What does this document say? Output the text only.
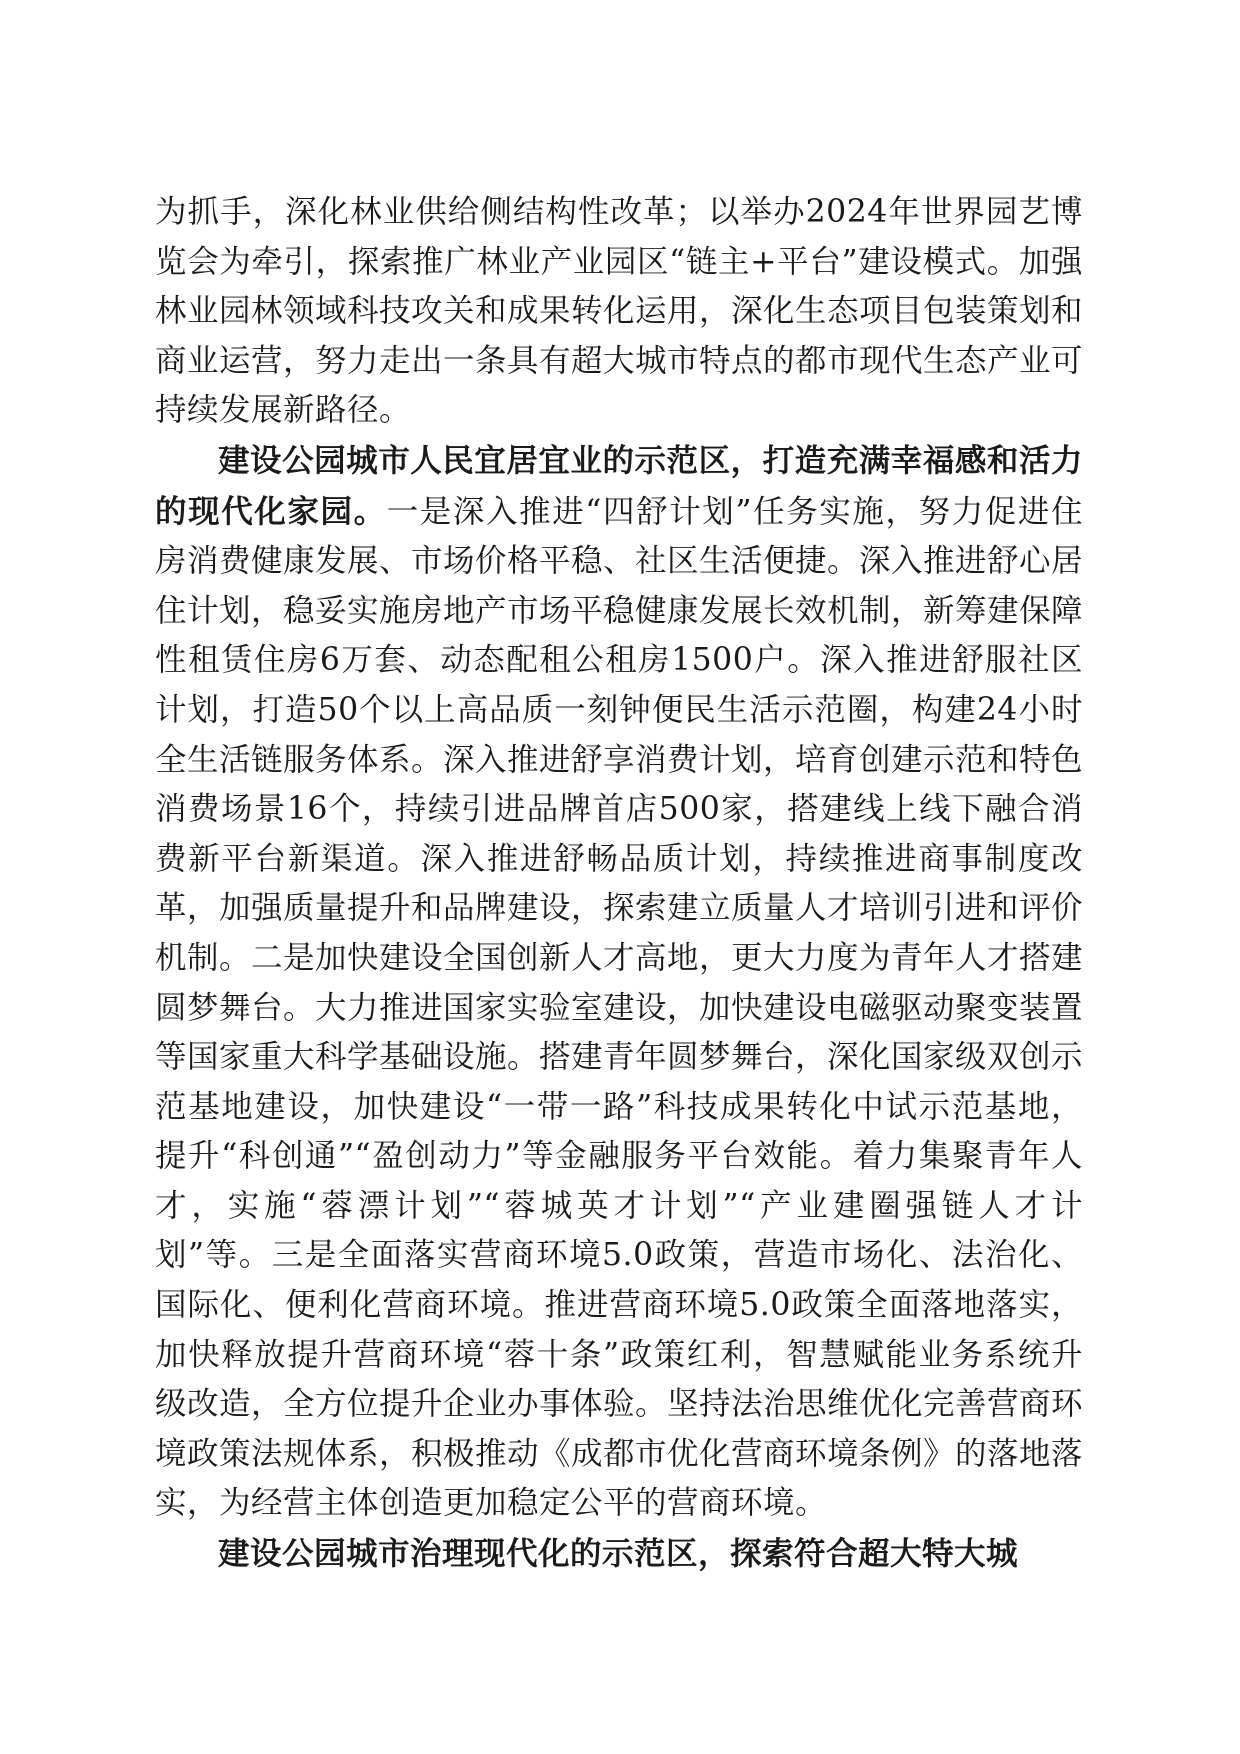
为抓手，深化林业供给侧结构性改革；以举办2024年世界园艺博览会为牵引，探索推广林业产业园区“链主+平台”建设模式。加强林业园林领域科技攻关和成果转化运用，深化生态项目包装策划和商业运营，努力走出一条具有超大城市特点的都市现代生态产业可持续发展新路径。

建设公园城市人民宜居宜业的示范区，打造充满幸福感和活力的现代化家园。一是深入推进“四舒计划”任务实施，努力促进住房消费健康发展、市场价格平稳、社区生活便捷。深入推进舒心居住计划，稳妥实施房地产市场平稳健康发展长效机制，新筹建保障性租赁住房6万套、动态配租公租房1500户。深入推进舒服社区计划，打造50个以上高品质一刻钟便民生活示范圈，构建24小时全生活链服务体系。深入推进舒享消费计划，培育创建示范和特色消费场景16个，持续引进品牌首店500家，搭建线上线下融合消费新平台新渠道。深入推进舒畅品质计划，持续推进商事制度改革，加强质量提升和品牌建设，探索建立质量人才培训引进和评价机制。二是加快建设全国创新人才高地，更大力度为青年人才搭建圆梦舞台。大力推进国家实验室建设，加快建设电磁驱动聚变装置等国家重大科学基础设施。搭建青年圆梦舞台，深化国家级双创示范基地建设，加快建设“一带一路”科技成果转化中试示范基地，提升“科创通”“盈创动力”等金融服务平台效能。着力集聚青年人才，实施“蓉漂计划”“蓉城英才计划”“产业建圈强链人才计划”等。三是全面落实营商环境5.0政策，营造市场化、法治化、国际化、便利化营商环境。推进营商环境5.0政策全面落地落实，加快释放提升营商环境“蓉十条”政策红利，智慧赋能业务系统升级改造，全方位提升企业办事体验。坚持法治思维优化完善营商环境政策法规体系，积极推动《成都市优化营商环境条例》的落地落实，为经营主体创造更加稳定公平的营商环境。

建设公园城市治理现代化的示范区，探索符合超大特大城
